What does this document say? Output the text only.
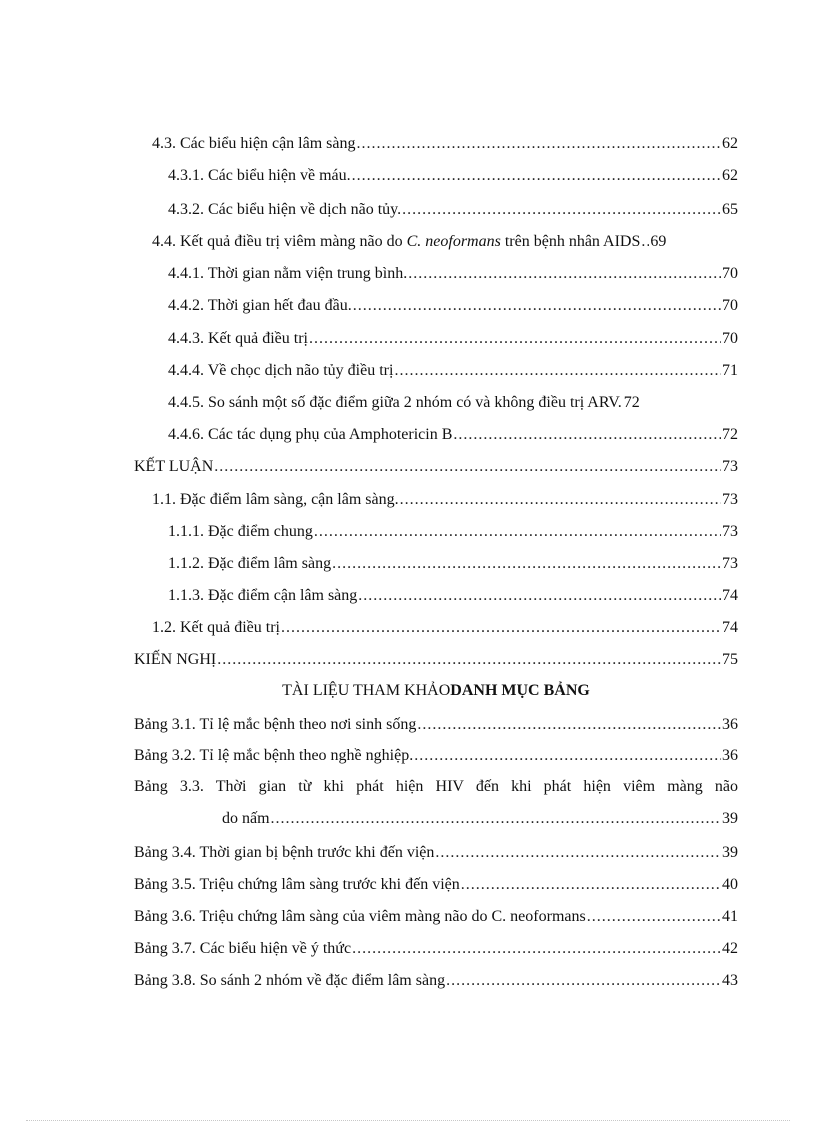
4.3. Các biểu hiện cận lâm sàng .....	62
4.3.1. Các biểu hiện về máu. .....	62
4.3.2. Các biểu hiện về dịch não tủy. .....	65
4.4. Kết quả điều trị viêm màng não do C. neoformans trên bệnh nhân AIDS ..... 69
4.4.1. Thời gian nằm viện trung bình. .....	70
4.4.2. Thời gian hết đau đầu. .....	70
4.4.3. Kết quả điều trị .....	70
4.4.4. Về chọc dịch não tủy điều trị .....	71
4.4.5. So sánh một số đặc điểm giữa 2 nhóm có và không điều trị ARV. 72
4.4.6. Các tác dụng phụ của Amphotericin B .....	72
KẾT LUẬN .....	73
1.1. Đặc điểm lâm sàng, cận lâm sàng. .....	73
1.1.1. Đặc điểm chung .....	73
1.1.2. Đặc điểm lâm sàng .....	73
1.1.3. Đặc điểm cận lâm sàng .....	74
1.2. Kết quả điều trị .....	74
KIẾN NGHỊ .....	75
TÀI LIỆU THAM KHẢODANH MỤC BẢNG
Bảng 3.1. Tỉ lệ mắc bệnh theo nơi sinh sống .....	36
Bảng 3.2. Tỉ lệ mắc bệnh theo nghề nghiệp. .....	36
Bảng 3.3. Thời gian từ khi phát hiện HIV đến khi phát hiện viêm màng não
do nấm .....	39
Bảng 3.4. Thời gian bị bệnh trước khi đến viện .....	39
Bảng 3.5. Triệu chứng lâm sàng trước khi đến viện .....	40
Bảng 3.6. Triệu chứng lâm sàng của viêm màng não do C. neoformans .....	41
Bảng 3.7. Các biểu hiện về ý thức .....	42
Bảng 3.8. So sánh 2 nhóm về đặc điểm lâm sàng .....	43
